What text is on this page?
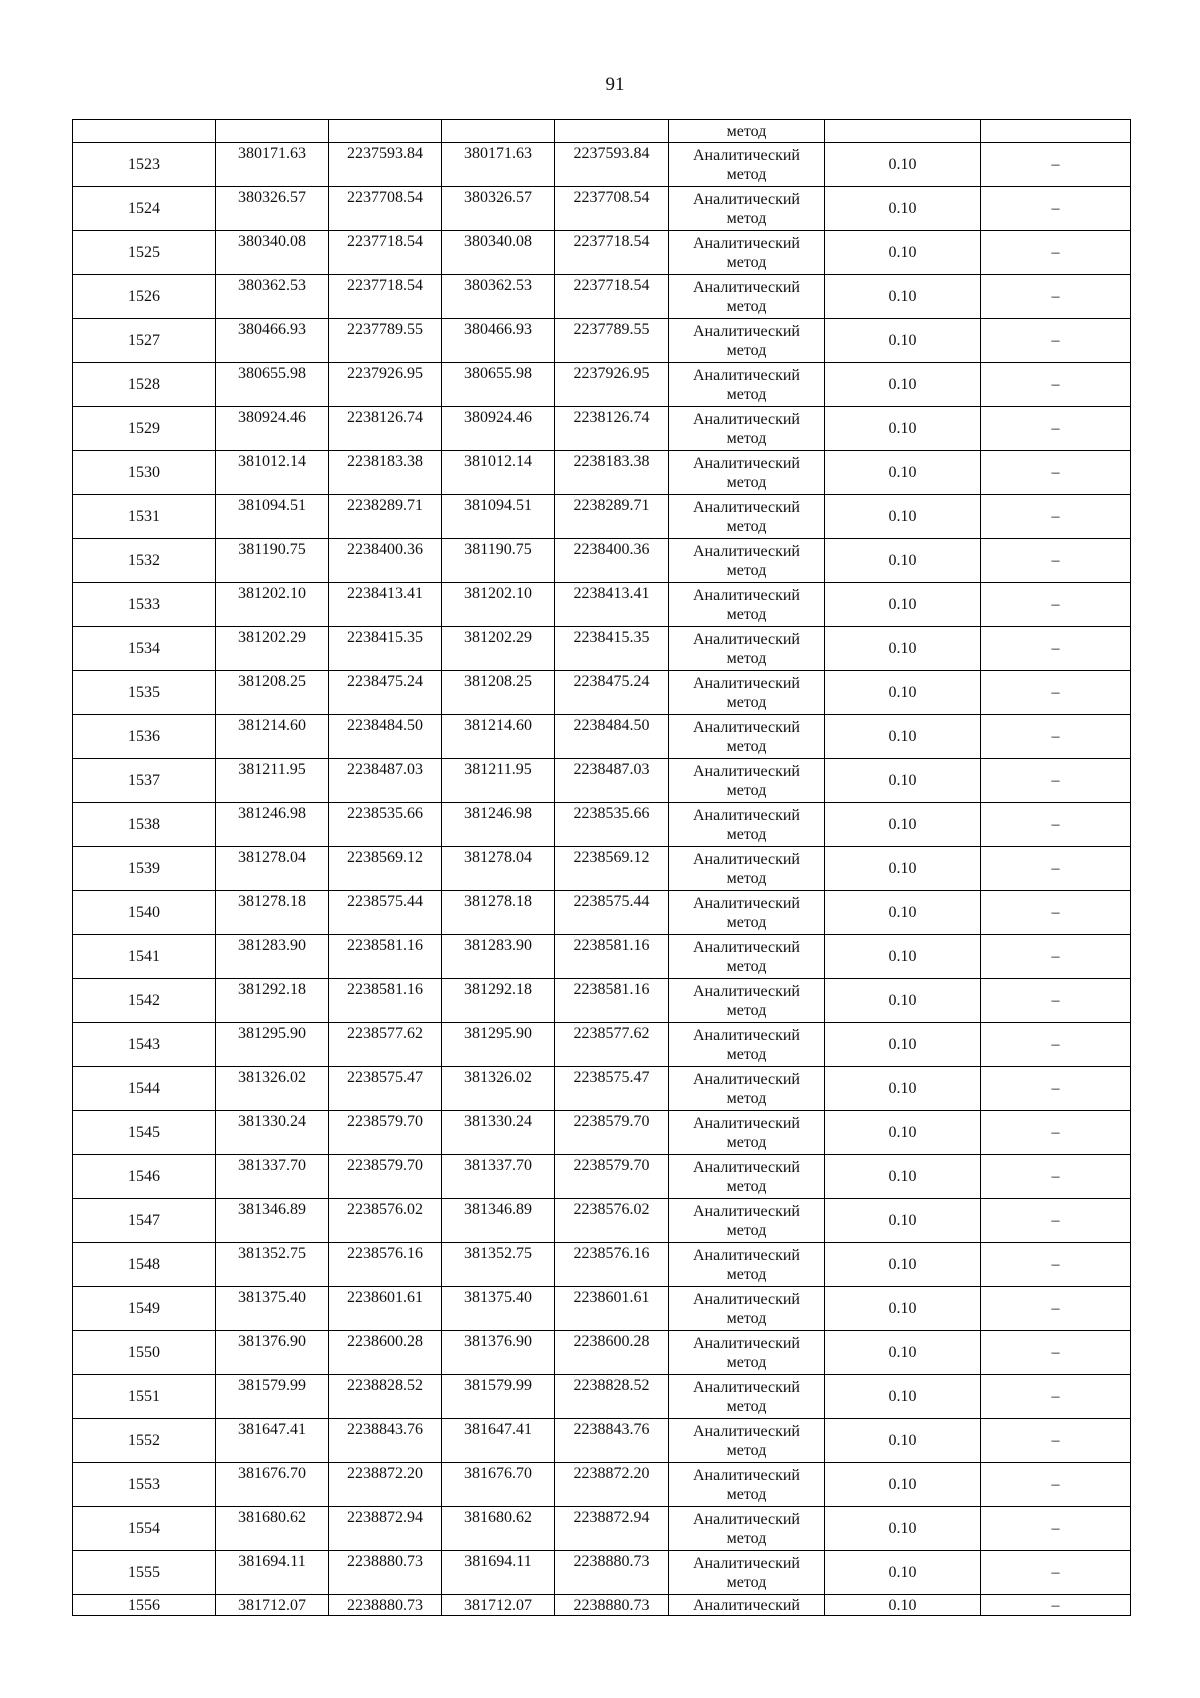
91
					метод		
1523	380171.63	2237593.84	380171.63	2237593.84	Аналитический
метод	0.10	–
1524	380326.57	2237708.54	380326.57	2237708.54	Аналитический
метод	0.10	–
1525	380340.08	2237718.54	380340.08	2237718.54	Аналитический
метод	0.10	–
1526	380362.53	2237718.54	380362.53	2237718.54	Аналитический
метод	0.10	–
1527	380466.93	2237789.55	380466.93	2237789.55	Аналитический
метод	0.10	–
1528	380655.98	2237926.95	380655.98	2237926.95	Аналитический
метод	0.10	–
1529	380924.46	2238126.74	380924.46	2238126.74	Аналитический
метод	0.10	–
1530	381012.14	2238183.38	381012.14	2238183.38	Аналитический
метод	0.10	–
1531	381094.51	2238289.71	381094.51	2238289.71	Аналитический
метод	0.10	–
1532	381190.75	2238400.36	381190.75	2238400.36	Аналитический
метод	0.10	–
1533	381202.10	2238413.41	381202.10	2238413.41	Аналитический
метод	0.10	–
1534	381202.29	2238415.35	381202.29	2238415.35	Аналитический
метод	0.10	–
1535	381208.25	2238475.24	381208.25	2238475.24	Аналитический
метод	0.10	–
1536	381214.60	2238484.50	381214.60	2238484.50	Аналитический
метод	0.10	–
1537	381211.95	2238487.03	381211.95	2238487.03	Аналитический
метод	0.10	–
1538	381246.98	2238535.66	381246.98	2238535.66	Аналитический
метод	0.10	–
1539	381278.04	2238569.12	381278.04	2238569.12	Аналитический
метод	0.10	–
1540	381278.18	2238575.44	381278.18	2238575.44	Аналитический
метод	0.10	–
1541	381283.90	2238581.16	381283.90	2238581.16	Аналитический
метод	0.10	–
1542	381292.18	2238581.16	381292.18	2238581.16	Аналитический
метод	0.10	–
1543	381295.90	2238577.62	381295.90	2238577.62	Аналитический
метод	0.10	–
1544	381326.02	2238575.47	381326.02	2238575.47	Аналитический
метод	0.10	–
1545	381330.24	2238579.70	381330.24	2238579.70	Аналитический
метод	0.10	–
1546	381337.70	2238579.70	381337.70	2238579.70	Аналитический
метод	0.10	–
1547	381346.89	2238576.02	381346.89	2238576.02	Аналитический
метод	0.10	–
1548	381352.75	2238576.16	381352.75	2238576.16	Аналитический
метод	0.10	–
1549	381375.40	2238601.61	381375.40	2238601.61	Аналитический
метод	0.10	–
1550	381376.90	2238600.28	381376.90	2238600.28	Аналитический
метод	0.10	–
1551	381579.99	2238828.52	381579.99	2238828.52	Аналитический
метод	0.10	–
1552	381647.41	2238843.76	381647.41	2238843.76	Аналитический
метод	0.10	–
1553	381676.70	2238872.20	381676.70	2238872.20	Аналитический
метод	0.10	–
1554	381680.62	2238872.94	381680.62	2238872.94	Аналитический
метод	0.10	–
1555	381694.11	2238880.73	381694.11	2238880.73	Аналитический
метод	0.10	–
1556	381712.07	2238880.73	381712.07	2238880.73	Аналитический	0.10	–
